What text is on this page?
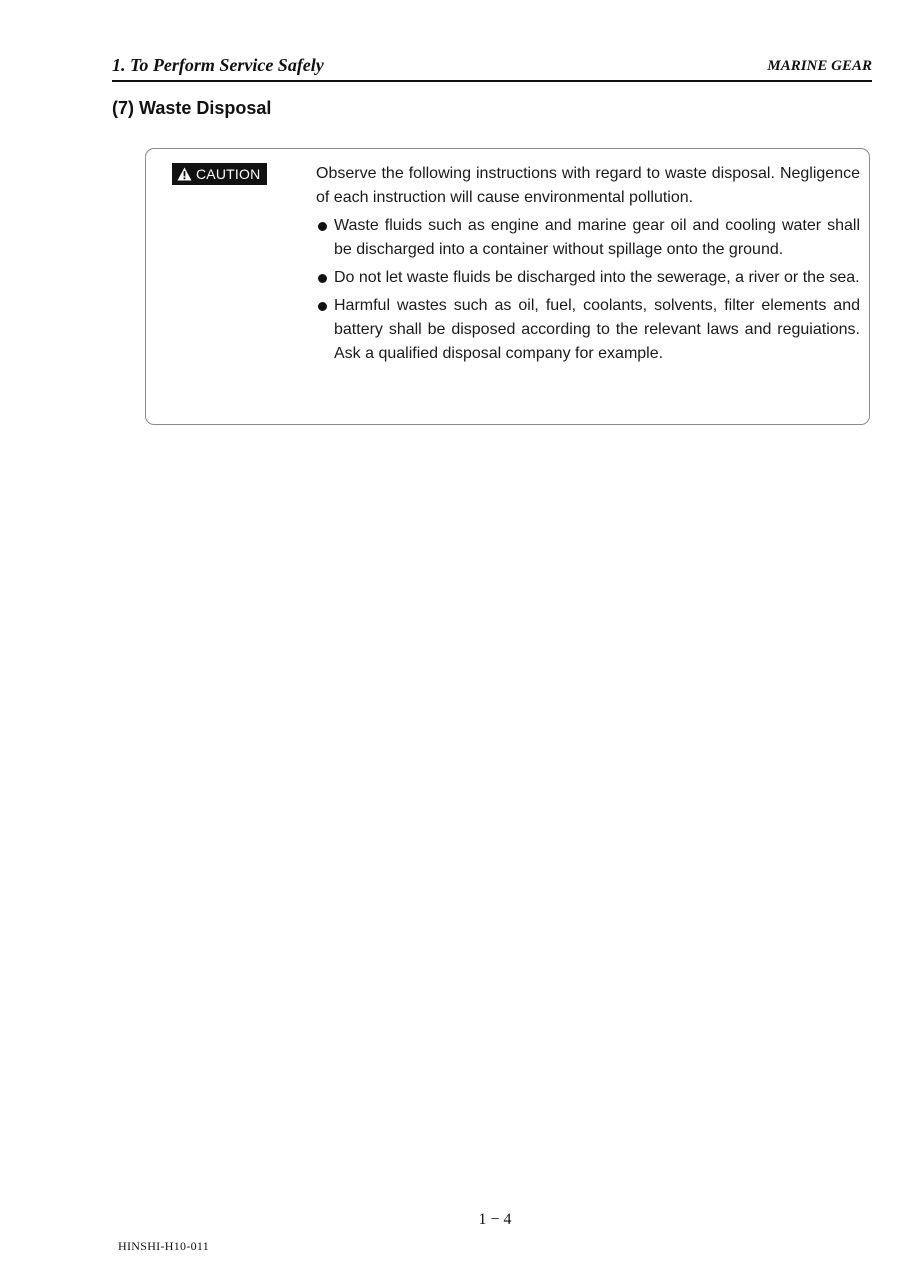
1. To Perform Service Safely	MARINE GEAR
(7) Waste Disposal
CAUTION	Observe the following instructions with regard to waste disposal. Negligence of each instruction will cause environmental pollution.

Waste fluids such as engine and marine gear oil and cooling water shall be discharged into a container without spillage onto the ground.
Do not let waste fluids be discharged into the sewerage, a river or the sea.
Harmful wastes such as oil, fuel, coolants, solvents, filter elements and battery shall be disposed according to the relevant laws and reguiations. Ask a qualified disposal company for example.
1 − 4
HINSHI-H10-011
